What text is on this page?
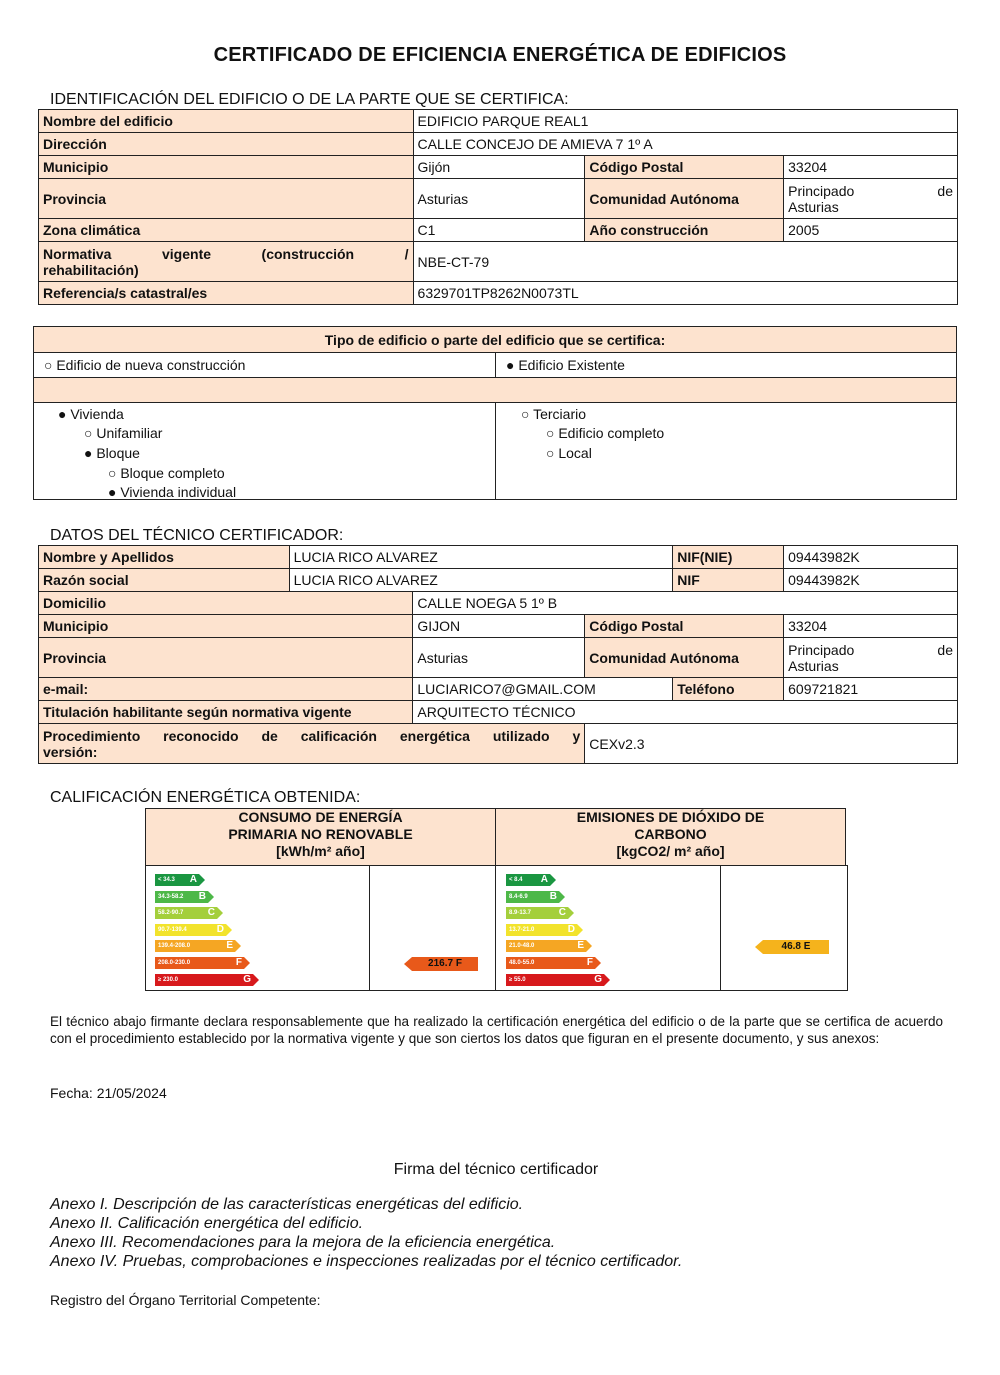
CERTIFICADO DE EFICIENCIA ENERGÉTICA DE EDIFICIOS
IDENTIFICACIÓN DEL EDIFICIO O DE LA PARTE QUE SE CERTIFICA:
Nombre del edificio	EDIFICIO PARQUE REAL1		
Dirección	CALLE CONCEJO DE AMIEVA 7 1º A		
Municipio	Gijón	Código Postal	33204
Provincia	Asturias	Comunidad Autónoma	Principado de
Asturias

Zona climática	C1	Año construcción	2005

Normativa vigente (construcción /
rehabilitación)	NBE-CT-79		
Referencia/s catastral/es	6329701TP8262N0073TL		
Tipo de edificio o parte del edificio que se certifica:
○ Edificio de nueva construcción	● Edificio Existente
● Vivienda
○ Unifamiliar
● Bloque
○ Bloque completo
● Vivienda individual
○ Terciario
○ Edificio completo
○ Local
DATOS DEL TÉCNICO CERTIFICADOR:
Nombre y Apellidos	LUCIA RICO ALVAREZ			NIF(NIE)	09443982K
Razón social	LUCIA RICO ALVAREZ			NIF	09443982K
Domicilio		CALLE NOEGA 5 1º B			
Municipio		GIJON	Código Postal		33204
Provincia		Asturias	Comunidad Autónoma		Principado de
Asturias

e-mail:		LUCIARICO7@GMAIL.COM		Teléfono	609721821
Titulación habilitante según normativa vigente		ARQUITECTO TÉCNICO			

Procedimiento reconocido de calificación energética utilizado y
versión:			CEXv2.3		
CALIFICACIÓN ENERGÉTICA OBTENIDA:
CONSUMO DE ENERGÍA
PRIMARIA NO RENOVABLE
[kWh/m² año]
EMISIONES DE DIÓXIDO DE
CARBONO
[kgCO2/ m² año]
< 34.3 A
34.3-58.2 B
58.2-90.7 C
90.7-139.4	D
139.4-208.0	E
208.0-230.0	F
≥ 230.0	G
< 8.4 A
8.4-6.9 B
8.9-13.7	C
13.7-21.0	D
21.0-48.0	E
48.0-55.0	F
≥ 55.0	G
216.7 F
46.8 E

El técnico abajo firmante declara responsablemente que ha realizado la certificación energética del edificio o de la parte que se certifica de acuerdo con el procedimiento establecido por la normativa vigente y que son ciertos los datos que figuran en el presente documento, y sus anexos:

Fecha: 21/05/2024
Firma del técnico certificador
Anexo I. Descripción de las características energéticas del edificio.
Anexo II. Calificación energética del edificio.
Anexo III. Recomendaciones para la mejora de la eficiencia energética.
Anexo IV. Pruebas, comprobaciones e inspecciones realizadas por el técnico certificador.
Registro del Órgano Territorial Competente:
